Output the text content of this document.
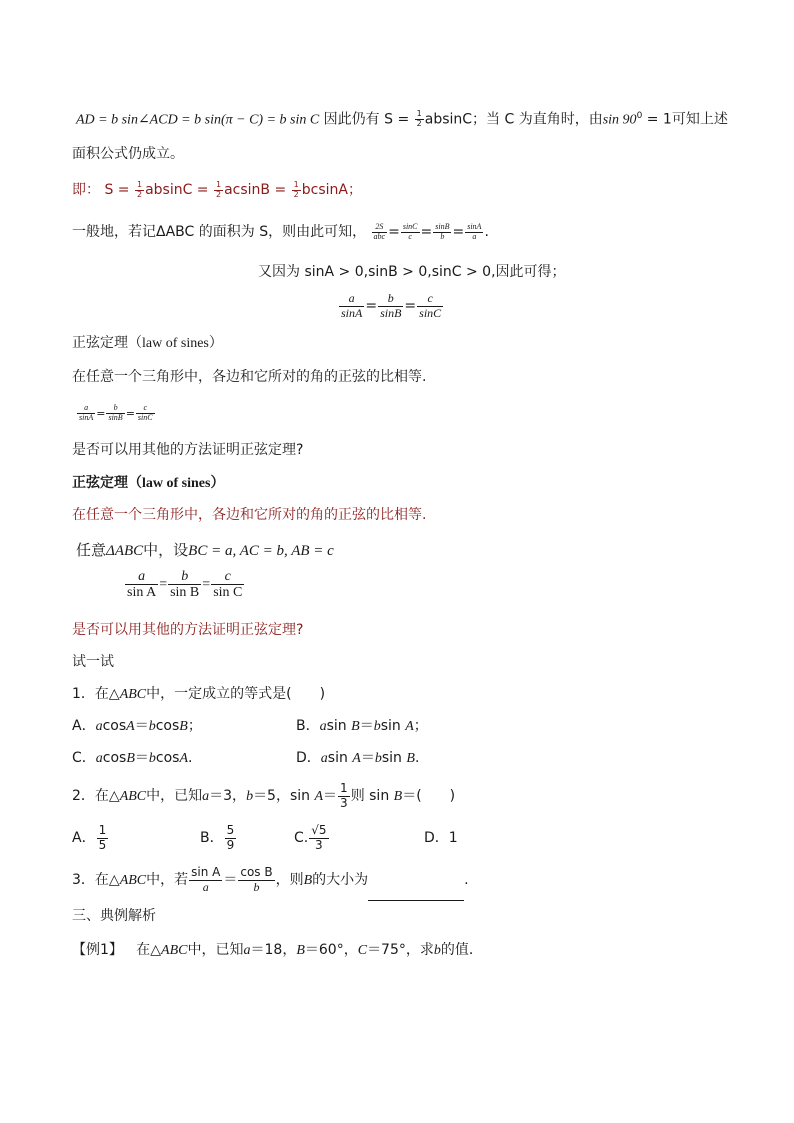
AD = b sin∠ACD = b sin(π − C) = b sin C 因此仍有 $S = \frac{1}{2}$ absinC；当 C 为直角时，由$\sin 90^0 = 1$可知上述
面积公式仍成立。
即： $S = \frac{1}{2}$ $absinC = \frac{1}{2}$ $acsinB = \frac{1}{2}$ bcsinA；
一般地，若记ΔABC 的面积为 S，则由此可知， $\frac{2S}{\text{abc}} = \frac{\sin C}{c} = \frac{\sin B}{b} = \frac{\sin A}{a}$ .
又因为 sinA > 0,sinB > 0,sinC > 0,因此可得；
$\frac{a}{\sin A} = \frac{b}{\sin B} = \frac{c}{\sin C}$
正弦定理（law of sines）
在任意一个三角形中，各边和它所对的角的正弦的比相等.
$\frac{a}{\sin A} = \frac{b}{\sin B} = \frac{c}{\sin C}$
是否可以用其他的方法证明正弦定理?
正弦定理（law of sines）
在任意一个三角形中，各边和它所对的角的正弦的比相等.
任意ΔABC中，设BC = a, AC = b, AB = c
$\frac{a}{\text{sin A}} = \frac{b}{\text{sin B}} = \frac{c}{\text{sin C}}$
是否可以用其他的方法证明正弦定理?
试一试
1．在△ABC中，一定成立的等式是(　　)
A．acosA＝bcosB；	B．asin B＝bsin A；
C．acosB＝bcosA.	D．asin A＝bsin B.
2．在△ABC中，已知a＝3，b＝5，$\sin A= \frac{1}{3}$ 则 sin B＝(　　)
A． $\frac{1}{5}$	B． $\frac{5}{9}$	C. $\frac{√5}{3}$	D．1
3．在△ABC中，若 $\frac{\text{sin A}}{a} = \frac{\text{cos B}}{b}$ ，则B的大小为	.
三、典例解析
【例1】 在△ABC中，已知a＝18，B＝60°，C＝75°，求b的值．
